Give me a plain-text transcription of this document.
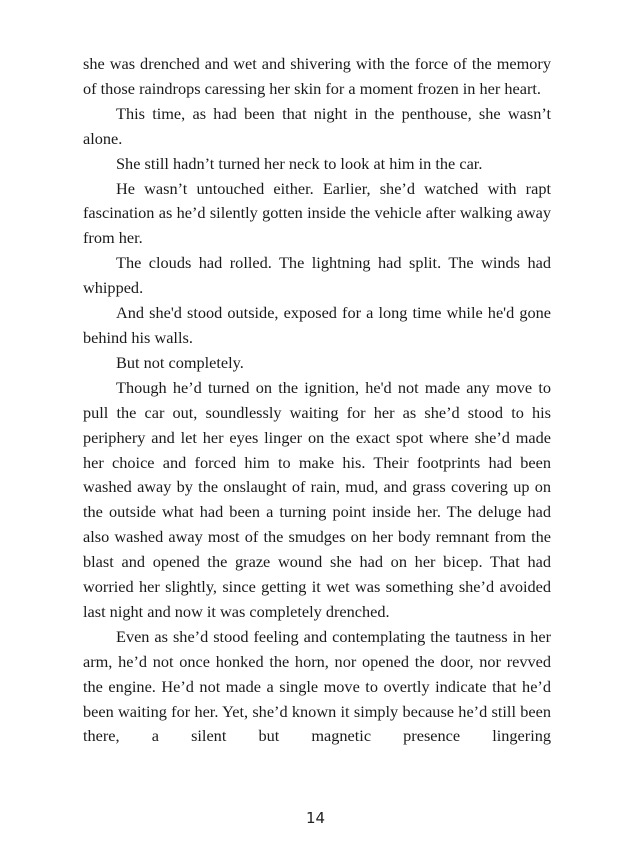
she was drenched and wet and shivering with the force of the memory of those raindrops caressing her skin for a moment frozen in her heart.

This time, as had been that night in the penthouse, she wasn’t alone.

She still hadn’t turned her neck to look at him in the car.

He wasn’t untouched either. Earlier, she’d watched with rapt fascination as he’d silently gotten inside the vehicle after walking away from her.

The clouds had rolled. The lightning had split. The winds had whipped.

And she'd stood outside, exposed for a long time while he'd gone behind his walls.

But not completely.

Though he’d turned on the ignition, he'd not made any move to pull the car out, soundlessly waiting for her as she’d stood to his periphery and let her eyes linger on the exact spot where she’d made her choice and forced him to make his. Their footprints had been washed away by the onslaught of rain, mud, and grass covering up on the outside what had been a turning point inside her. The deluge had also washed away most of the smudges on her body remnant from the blast and opened the graze wound she had on her bicep. That had worried her slightly, since getting it wet was something she’d avoided last night and now it was completely drenched.

Even as she’d stood feeling and contemplating the tautness in her arm, he’d not once honked the horn, nor opened the door, nor revved the engine. He’d not made a single move to overtly indicate that he’d been waiting for her. Yet, she’d known it simply because he’d still been there, a silent but magnetic presence lingering

14
